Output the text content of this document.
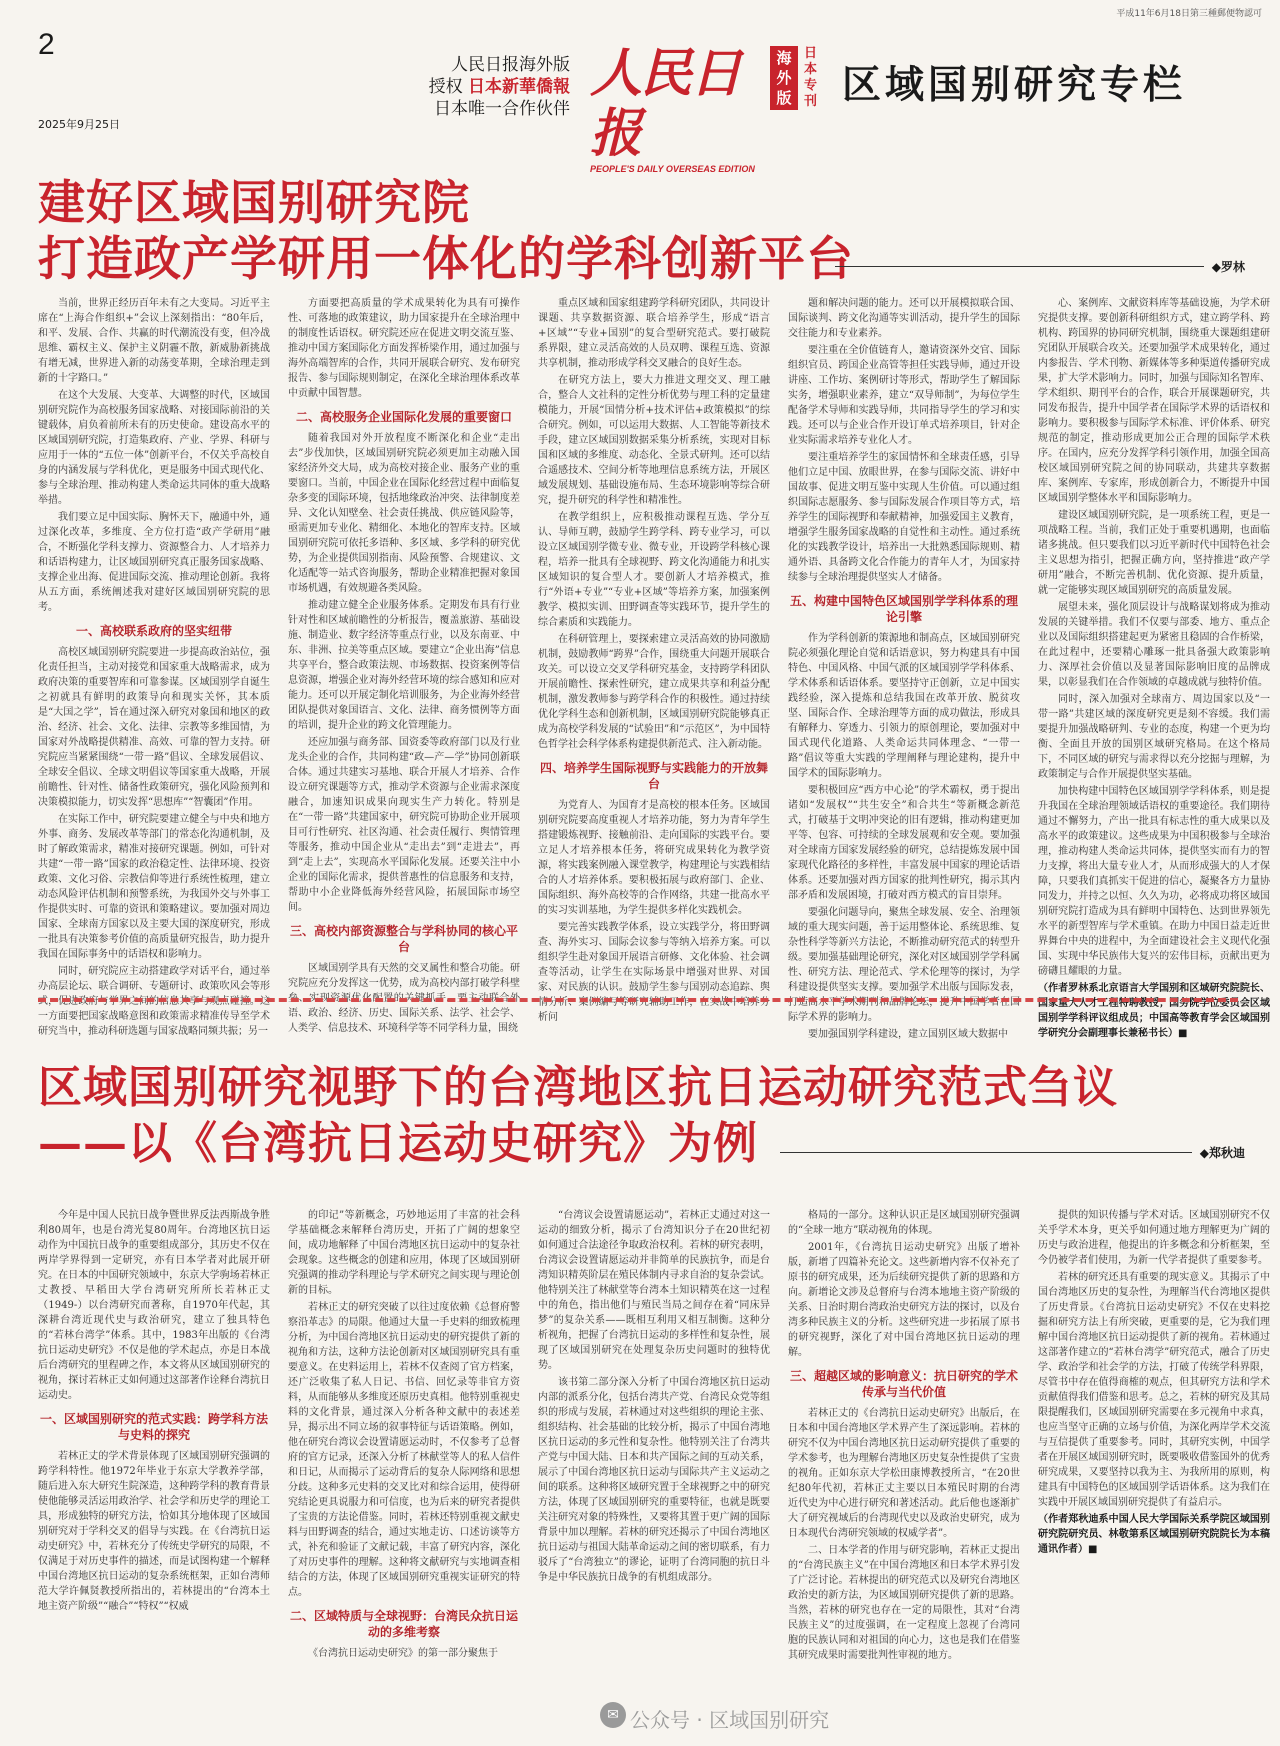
平成11年6月18日第三種郵便物認可
2
2025年9月25日
人民日报海外版
授权 日本新華僑報
日本唯一合作伙伴
人民日报
PEOPLE'S DAILY OVERSEAS EDITION
海外版
日本专刊 区域国别研究专栏
建好区域国别研究院
打造政产学研用一体化的学科创新平台	◆罗林

当前，世界正经历百年未有之大变局。习近平主席在“上海合作组织+”会议上深刻指出：“80年后，和平、发展、合作、共赢的时代潮流没有变，但冷战思维、霸权主义、保护主义阴霾不散，新威胁新挑战有增无减，世界进入新的动荡变革期，全球治理走到新的十字路口。”

在这个大发展、大变革、大调整的时代，区域国别研究院作为高校服务国家战略、对接国际前沿的关键载体，肩负着前所未有的历史使命。建设高水平的区域国别研究院，打造集政府、产业、学界、科研与应用于一体的“五位一体”创新平台，不仅关乎高校自身的内涵发展与学科优化，更是服务中国式现代化、参与全球治理、推动构建人类命运共同体的重大战略举措。

我们要立足中国实际、胸怀天下，融通中外，通过深化改革，多维度、全方位打造“政产学研用”融合，不断强化学科支撑力、资源整合力、人才培养力和话语构建力，让区域国别研究真正服务国家战略、支撑企业出海、促进国际交流、推动理论创新。我将从五方面，系统阐述我对建好区域国别研究院的思考。

一、高校联系政府的坚实纽带

高校区域国别研究院要进一步提高政治站位，强化责任担当，主动对接党和国家重大战略需求，成为政府决策的重要智库和可靠参谋。区域国别学自诞生之初就具有鲜明的政策导向和现实关怀，其本质是“大国之学”，旨在通过深入研究对象国和地区的政治、经济、社会、文化、法律、宗教等多维国情，为国家对外战略提供精准、高效、可靠的智力支持。研究院应当紧紧围绕“一带一路”倡议、全球发展倡议、全球安全倡议、全球文明倡议等国家重大战略，开展前瞻性、针对性、储备性政策研究，强化风险预判和决策模拟能力，切实发挥“思想库”“智囊团”作用。

在实际工作中，研究院要建立健全与中央和地方外事、商务、发展改革等部门的常态化沟通机制，及时了解政策需求，精准对接研究课题。例如，可针对共建“一带一路”国家的政治稳定性、法律环境、投资政策、文化习俗、宗教信仰等进行系统性梳理，建立动态风险评估机制和预警系统，为我国外交与外事工作提供实时、可靠的资讯和策略建议。要加强对周边国家、全球南方国家以及主要大国的深度研究，形成一批具有决策参考价值的高质量研究报告，助力提升我国在国际事务中的话语权和影响力。

同时，研究院应主动搭建政学对话平台，通过举办高层论坛、联合调研、专题研讨、政策吹风会等形式，促进政府与学界之间的信息共享与观点碰撞。这一方面要把国家战略意图和政策需求精准传导至学术研究当中，推动科研选题与国家战略同频共振；另一

方面要把高质量的学术成果转化为具有可操作性、可落地的政策建议，助力国家提升在全球治理中的制度性话语权。研究院还应在促进文明交流互鉴、推动中国方案国际化方面发挥桥梁作用，通过加强与海外高端智库的合作，共同开展联合研究、发布研究报告、参与国际规则制定，在深化全球治理体系改革中贡献中国智慧。

二、高校服务企业国际化发展的重要窗口

随着我国对外开放程度不断深化和企业“走出去”步伐加快，区域国别研究院必须更加主动融入国家经济外交大局，成为高校对接企业、服务产业的重要窗口。当前，中国企业在国际化经营过程中面临复杂多变的国际环境，包括地缘政治冲突、法律制度差异、文化认知壁垒、社会责任挑战、供应链风险等，亟需更加专业化、精细化、本地化的智库支持。区域国别研究院可依托多语种、多区域、多学科的研究优势，为企业提供国别指南、风险预警、合规建议、文化适配等一站式咨询服务，帮助企业精准把握对象国市场机遇，有效规避各类风险。

推动建立健全企业服务体系。定期发布具有行业针对性和区域前瞻性的分析报告，覆盖旅游、基础设施、制造业、数字经济等重点行业，以及东南亚、中东、非洲、拉美等重点区域。要建立“企业出海”信息共享平台，整合政策法规、市场数据、投资案例等信息资源，增强企业对海外经营环境的综合感知和应对能力。还可以开展定制化培训服务，为企业海外经营团队提供对象国语言、文化、法律、商务惯例等方面的培训，提升企业的跨文化管理能力。

还应加强与商务部、国资委等政府部门以及行业龙头企业的合作，共同构建“政—产—学”协同创新联合体。通过共建实习基地、联合开展人才培养、合作设立研究课题等方式，推动学术资源与企业需求深度融合，加速知识成果向现实生产力转化。特别是在“一带一路”共建国家中，研究院可协助企业开展项目可行性研究、社区沟通、社会责任履行、舆情管理等服务，推动中国企业从“走出去”到“走进去”，再到“走上去”，实现高水平国际化发展。还要关注中小企业的国际化需求，提供普惠性的信息服务和支持，帮助中小企业降低海外经营风险，拓展国际市场空间。

三、高校内部资源整合与学科协同的核心平台

区域国别学具有天然的交叉属性和整合功能。研究院应充分发挥这一优势，成为高校内部打破学科壁垒、实现资源优化配置的关键抓手。要主动联合外语、政治、经济、历史、国际关系、法学、社会学、人类学、信息技术、环境科学等不同学科力量，围绕

重点区域和国家组建跨学科研究团队，共同设计课题、共享数据资源、联合培养学生，形成“语言+区域”“专业+国别”的复合型研究范式。要打破院系界限，建立灵活高效的人员双聘、课程互选、资源共享机制，推动形成学科交叉融合的良好生态。

在研究方法上，要大力推进文理交叉、理工融合，整合人文社科的定性分析优势与理工科的定量建模能力，开展“国情分析+技术评估+政策模拟”的综合研究。例如，可以运用大数据、人工智能等新技术手段，建立区域国别数据采集分析系统，实现对目标国和区域的多维度、动态化、全景式研判。还可以结合遥感技术、空间分析等地理信息系统方法，开展区域发展规划、基础设施布局、生态环境影响等综合研究，提升研究的科学性和精准性。

在教学组织上，应积极推动课程互选、学分互认、导师互聘，鼓励学生跨学科、跨专业学习，可以设立区域国别学微专业、微专业，开设跨学科核心课程，培养一批具有全球视野、跨文化沟通能力和扎实区域知识的复合型人才。要创新人才培养模式，推行“外语+专业”“专业+区域”等培养方案，加强案例教学、模拟实训、田野调查等实践环节，提升学生的综合素质和实践能力。

在科研管理上，要探索建立灵活高效的协同激励机制，鼓励教师“跨界”合作，围绕重大问题开展联合攻关。可以设立交叉学科研究基金，支持跨学科团队开展前瞻性、探索性研究，建立成果共享和利益分配机制，激发教师参与跨学科合作的积极性。通过持续优化学科生态和创新机制，区域国别研究院能够真正成为高校学科发展的“试验田”和“示范区”，为中国特色哲学社会科学体系构建提供新范式、注入新动能。

四、培养学生国际视野与实践能力的开放舞台

为党育人、为国育才是高校的根本任务。区域国别研究院要高度重视人才培养功能，努力为青年学生搭建锻炼视野、接触前沿、走向国际的实践平台。要立足人才培养根本任务，将研究成果转化为教学资源，将实践案例融入课堂教学，构建理论与实践相结合的人才培养体系。要积极拓展与政府部门、企业、国际组织、海外高校等的合作网络，共建一批高水平的实习实训基地，为学生提供多样化实践机会。

要完善实践教学体系，设立实践学分，将田野调查、海外实习、国际会议参与等纳入培养方案。可以组织学生赴对象国开展语言研修、文化体验、社会调查等活动，让学生在实际场景中增强对世界、对国家、对民族的认识。鼓励学生参与国别动态追踪、舆情分析、案例编写等研究辅助工作，在实战中培养分析问

题和解决问题的能力。还可以开展模拟联合国、国际谈判、跨文化沟通等实训活动，提升学生的国际交往能力和专业素养。

要注重在全价值链育人，邀请资深外交官、国际组织官员、跨国企业高管等担任实践导师，通过开设讲座、工作坊、案例研讨等形式，帮助学生了解国际实务，增强职业素养，建立“双导师制”，为每位学生配备学术导师和实践导师，共同指导学生的学习和实践。还可以与企业合作开设订单式培养项目，针对企业实际需求培养专业化人才。

要注重培养学生的家国情怀和全球责任感，引导他们立足中国、放眼世界，在参与国际交流、讲好中国故事、促进文明互鉴中实现人生价值。可以通过组织国际志愿服务、参与国际发展合作项目等方式，培养学生的国际视野和奉献精神，加强爱国主义教育，增强学生服务国家战略的自觉性和主动性。通过系统化的实践教学设计，培养出一大批熟悉国际规则、精通外语、具备跨文化合作能力的青年人才，为国家持续参与全球治理提供坚实人才储备。

五、构建中国特色区域国别学学科体系的理论引擎

作为学科创新的策源地和制高点，区域国别研究院必须强化理论自觉和话语意识，努力构建具有中国特色、中国风格、中国气派的区域国别学学科体系、学术体系和话语体系。要坚持守正创新，立足中国实践经验，深入提炼和总结我国在改革开放、脱贫攻坚、国际合作、全球治理等方面的成功做法，形成具有解释力、穿透力、引领力的原创理论，要加强对中国式现代化道路、人类命运共同体理念、“一带一路”倡议等重大实践的学理阐释与理论建构，提升中国学术的国际影响力。

要积极回应“西方中心论”的学术霸权，勇于提出诸如“发展权”“共生安全”和合共生“等新概念新范式，打破基于文明冲突论的旧有逻辑，推动构建更加平等、包容、可持续的全球发展观和安全观。要加强对全球南方国家发展经验的研究，总结提炼发展中国家现代化路径的多样性，丰富发展中国家的理论话语体系。还要加强对西方国家的批判性研究，揭示其内部矛盾和发展困境，打破对西方模式的盲目崇拜。

要强化问题导向，聚焦全球发展、安全、治理领域的重大现实问题，善于运用整体论、系统思维、复杂性科学等新兴方法论，不断推动研究范式的转型升级。要加强基础理论研究，深化对区域国别学学科属性、研究方法、理论范式、学术伦理等的探讨，为学科建设提供坚实支撑。要加强学术出版与国际发表，打造高水平学术期刊和品牌论坛，提升中国学者在国际学术界的影响力。

要加强国别学科建设，建立国别区域大数据中

心、案例库、文献资料库等基础设施，为学术研究提供支撑。要创新科研组织方式，建立跨学科、跨机构、跨国界的协同研究机制，围绕重大课题组建研究团队开展联合攻关。还要加强学术成果转化，通过内参报告、学术刊物、新媒体等多种渠道传播研究成果，扩大学术影响力。同时，加强与国际知名智库、学术组织、期刊平台的合作，联合开展课题研究，共同发布报告，提升中国学者在国际学术界的话语权和影响力。要积极参与国际学术标准、评价体系、研究规范的制定，推动形成更加公正合理的国际学术秩序。在国内，应充分发挥学科引领作用，加强全国高校区域国别研究院之间的协同联动，共建共享数据库、案例库、专家库，形成创新合力，不断提升中国区域国别学整体水平和国际影响力。

建设区域国别研究院，是一项系统工程，更是一项战略工程。当前，我们正处于重要机遇期，也面临诸多挑战。但只要我们以习近平新时代中国特色社会主义思想为指引，把握正确方向，坚持推进“政产学研用”融合，不断完善机制、优化资源、提升质量，就一定能够实现区域国别研究的高质量发展。

展望未来，强化顶层设计与战略谋划将成为推动发展的关键举措。我们不仅要与部委、地方、重点企业以及国际组织搭建起更为紧密且稳固的合作桥梁，在此过程中，还要精心雕琢一批具备强大政策影响力、深厚社会价值以及显著国际影响旧度的品牌成果，以彰显我们在合作领域的卓越成就与独特价值。

同时，深入加强对全球南方、周边国家以及“一带一路”共建区域的深度研究更是刻不容缓。我们需要提升加强战略研判、专业的态度，构建一个更为均衡、全面且开放的国别区域研究格局。在这个格局下，不同区域的研究与需求得以充分挖掘与理解，为政策制定与合作开展提供坚实基础。

加快构建中国特色区域国别学学科体系，则是提升我国在全球治理领域话语权的重要途径。我们期待通过不懈努力，产出一批具有标志性的重大成果以及高水平的政策建议。这些成果为中国积极参与全球治理，推动构建人类命运共同体，提供坚实而有力的智力支撑，将出大量专业人才，从而形成强大的人才保障，只要我们真抓实干促进的信心，凝聚各方力量协同发力，并持之以恒、久久为功，必将成功将区域国别研究院打造成为具有鲜明中国特色、达到世界领先水平的新型智库与学术重镇。在助力中国日益走近世界舞台中央的进程中，为全面建设社会主义现代化强国、实现中华民族伟大复兴的宏伟目标，贡献出更为磅礴且耀眼的力量。

（作者罗林系北京语言大学国别和区域研究院院长、国家重大人才工程特聘教授；国务院学位委员会区域国别学学科评议组成员；中国高等教育学会区域国别学研究分会副理事长兼秘书长）■

区域国别研究视野下的台湾地区抗日运动研究范式刍议
——以《台湾抗日运动史研究》为例	◆郑秋迪

今年是中国人民抗日战争暨世界反法西斯战争胜利80周年，也是台湾光复80周年。台湾地区抗日运动作为中国抗日战争的重要组成部分，其历史不仅在两岸学界得到一定研究，亦有日本学者对此展开研究。在日本的中国研究领域中，东京大学驹场若林正丈教授、早稻田大学台湾研究所所长若林正丈（1949-）以台湾研究而著称，自1970年代起，其深耕台湾近现代史与政治研究，建立了独具特色的“若林台湾学”体系。其中，1983年出版的《台湾抗日运动史研究》不仅是他的学术起点，亦是日本战后台湾研究的里程碑之作，本文将从区域国别研究的视角，探讨若林正丈如何通过这部著作诠释台湾抗日运动史。

一、区域国别研究的范式实践：跨学科方法与史料的探究

若林正丈的学术背景体现了区域国别研究强调的跨学科特性。他1972年毕业于东京大学教养学部，随后进入东大研究生院深造，这种跨学科的教育背景使他能够灵活运用政治学、社会学和历史学的理论工具，形成独特的研究方法，恰如其分地体现了区域国别研究对于学科交叉的倡导与实践。在《台湾抗日运动史研究》中，若林充分了传统史学研究的局限，不仅满足于对历史事件的描述，而是试图构建一个解释中国台湾地区抗日运动的复杂系统框架，正如台湾师范大学许佩贤教授所指出的，若林提出的“台湾本土地主资产阶级”“融合”“特权”“权威

的印记”等新概念，巧妙地运用了丰富的社会科学基础概念来解释台湾历史，开拓了广阔的想象空间，成功地解释了中国台湾地区抗日运动中的复杂社会现象。这些概念的创建和应用，体现了区域国别研究强调的推动学科理论与学术研究之间实现与理论创新的目标。

若林正丈的研究突破了以往过度依赖《总督府警察沿革志》的局限。他通过大量一手史料的细致梳理分析，为中国台湾地区抗日运动史的研究提供了新的视角和方法，这种方法论创新对区域国别研究具有重要意义。在史料运用上，若林不仅查阅了官方档案，还广泛收集了私人日记、书信、回忆录等非官方资料，从而能够从多维度还原历史真相。他特别重视史料的文化背景，通过深入分析各种文献中的表述差异，揭示出不同立场的叙事特征与话语策略。例如，他在研究台湾议会设置请愿运动时，不仅参考了总督府的官方记录，还深入分析了林献堂等人的私人信件和日记，从而揭示了运动背后的复杂人际网络和思想分歧。这种多元史料的交叉比对和综合运用，使得研究结论更具说服力和可信度，也为后来的研究者提供了宝贵的方法论借鉴。同时，若林还特别重视文献史料与田野调查的结合，通过实地走访、口述访谈等方式，补充和验证了文献记载，丰富了研究内容，深化了对历史事件的理解。这种将文献研究与实地调查相结合的方法，体现了区域国别研究重视实证研究的特点。

二、区域特质与全球视野：台湾民众抗日运动的多维考察

《台湾抗日运动史研究》的第一部分聚焦于

“台湾议会设置请愿运动”，若林正丈通过对这一运动的细致分析，揭示了台湾知识分子在20世纪初如何通过合法途径争取政治权利。若林的研究表明，台湾议会设置请愿运动并非简单的民族抗争，而是台湾知识精英阶层在殖民体制内寻求自治的复杂尝试。他特别关注了林献堂等台湾本土知识精英在这一过程中的角色，指出他们与殖民当局之间存在着“同床异梦”的复杂关系——既相互利用又相互制衡。这种分析视角，把握了台湾抗日运动的多样性和复杂性，展现了区域国别研究在处理复杂历史问题时的独特优势。

该书第二部分深入分析了中国台湾地区抗日运动内部的派系分化，包括台湾共产党、台湾民众党等组织的形成与发展，若林通过对这些组织的理论主张、组织结构、社会基础的比较分析，揭示了中国台湾地区抗日运动的多元性和复杂性。他特别关注了台湾共产党与中国大陆、日本和共产国际之间的互动关系，展示了中国台湾地区抗日运动与国际共产主义运动之间的联系。这种将区域研究置于全球视野之中的研究方法，体现了区域国别研究的重要特征，也就是既要关注研究对象的特殊性，又要将其置于更广阔的国际背景中加以理解。若林的研究还揭示了中国台湾地区抗日运动与祖国大陆革命运动之间的密切联系，有力驳斥了“台湾独立”的谬论，证明了台湾同胞的抗日斗争是中华民族抗日战争的有机组成部分。

格局的一部分。这种认识正是区域国别研究强调的“全球一地方”联动视角的体现。

2001年，《台湾抗日运动史研究》出版了增补版，新增了四篇补充论文。这些新增内容不仅补充了原书的研究成果，还为后续研究提供了新的思路和方向。新增论文涉及总督府与台湾本地地主资产阶级的关系、日治时期台湾政治史研究方法的探讨，以及台湾多种民族主义的分析。这些研究进一步拓展了原书的研究视野，深化了对中国台湾地区抗日运动的理解。

三、超越区域的影响意义：抗日研究的学术传承与当代价值

若林正丈的《台湾抗日运动史研究》出版后，在日本和中国台湾地区学术界产生了深远影响。若林的研究不仅为中国台湾地区抗日运动研究提供了重要的学术参考，也为理解台湾地区历史复杂性提供了宝贵的视角。正如东京大学松田康博教授所言，“在20世纪80年代初，若林正丈主要以日本殖民时期的台湾近代史为中心进行研究和著述活动。此后他也逐渐扩大了研究视域后的台湾现代史以及政治史研究，成为日本现代台湾研究领域的权威学者”。

二、日本学者的作用与研究影响，若林正丈提出的“台湾民族主义”在中国台湾地区和日本学术界引发了广泛讨论。若林提出的研究范式以及研究台湾地区政治史的新方法，为区域国别研究提供了新的思路。当然，若林的研究也存在一定的局限性，其对“台湾民族主义”的过度强调，在一定程度上忽视了台湾同胞的民族认同和对祖国的向心力，这也是我们在借鉴其研究成果时需要批判性审视的地方。

提供的知识传播与学术对话。区域国别研究不仅关乎学术本身，更关乎如何通过地方理解更为广阔的历史与政治进程，他提出的许多概念和分析框架，至今仍被学者们使用，为新一代学者提供了重要参考。

若林的研究还具有重要的现实意义。其揭示了中国台湾地区历史的复杂性，为理解当代台湾地区提供了历史背景。《台湾抗日运动史研究》不仅在史料挖掘和研究方法上有所突破，更重要的是，它为我们理解中国台湾地区抗日运动提供了新的视角。若林通过这部著作建立的“若林台湾学”研究范式，融合了历史学、政治学和社会学的方法，打破了传统学科界限，尽管书中存在值得商榷的观点，但其研究方法和学术贡献值得我们借鉴和思考。总之，若林的研究及其局限提醒我们，区域国别研究需要在多元视角中求真，也应当坚守正确的立场与价值，为深化两岸学术交流与互信提供了重要参考。同时，其研究实例，中国学者在开展区域国别研究时，既要吸收借鉴国外的优秀研究成果，又要坚持以我为主、为我所用的原则，构建具有中国特色的区域国别学话语体系。这为我们在实践中开展区域国别研究提供了有益启示。

（作者郑秋迪系中国人民大学国际关系学院区域国别研究院研究员、林敬第系区域国别研究院院长为本稿通讯作者）■

✉ 公众号 · 区域国别研究
